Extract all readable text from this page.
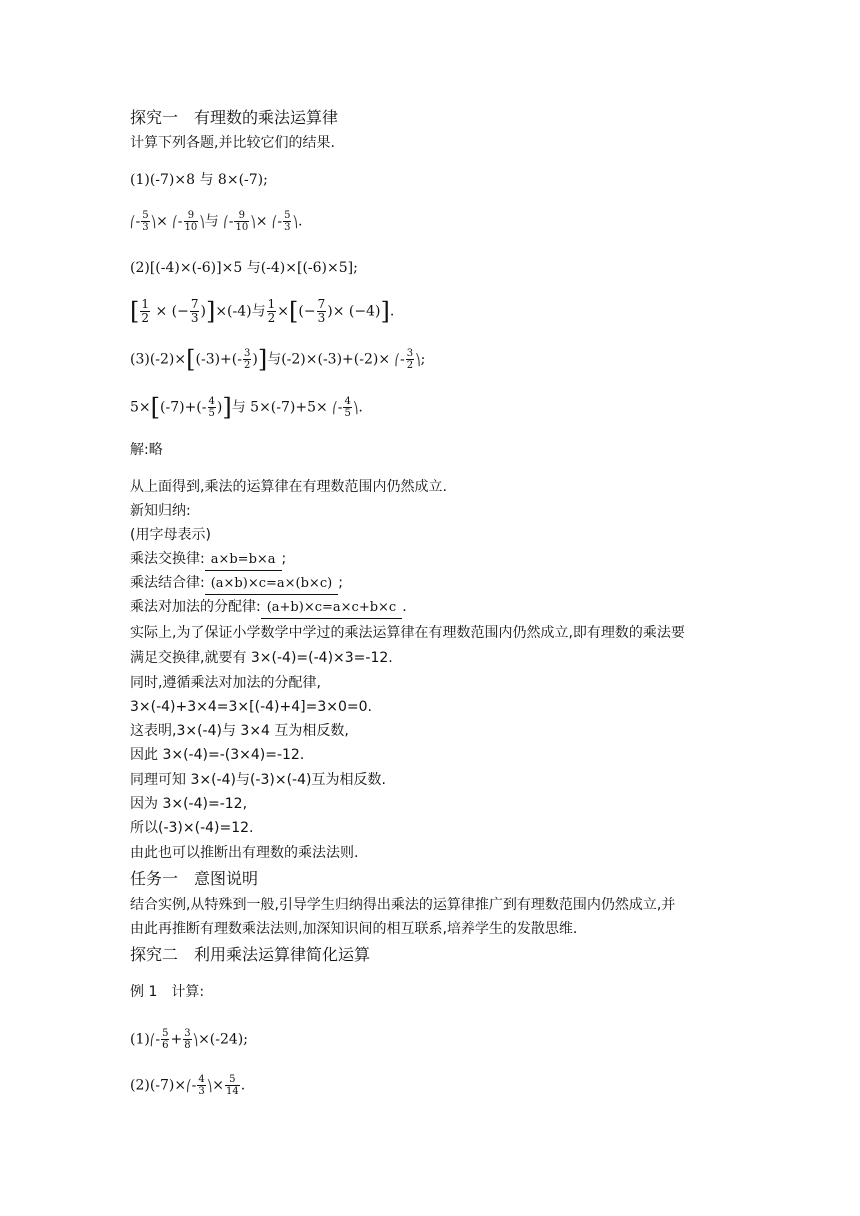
探究一　有理数的乘法运算律
计算下列各题,并比较它们的结果.
(1)(-7)×8 与 8×(-7);
⎛- $\frac{5}{3}$ ⎞× ⎛- $\frac{9}{10}$ ⎞与 ⎛- $\frac{9}{10}$ ⎞× ⎛- $\frac{5}{3}$ ⎞.
(2)[(-4)×(-6)]×5 与(-4)×[(-6)×5];
[ $\frac{1}{2}$ × (− $\frac{7}{3} )]\times(-4)$与 $\frac{1}{2}$ ×[(− $\frac{7}{3}$ )× (−4)].
$(3)(-2)\times[(-3)+(- \frac{3}{2}$ )]与(-2)×(-3)+(-2)× ⎛- $\frac{3}{2}$ ⎞;
$5\times[(-7)+(- \frac{4}{5}$ )]与 5×(-7)+5× ⎛- $\frac{4}{5}$ ⎞.
解:略
从上面得到,乘法的运算律在有理数范围内仍然成立.
新知归纳:
(用字母表示)
乘法交换律: a×b=b×a ;
乘法结合律: (a×b)×c=a×(b×c) ;
乘法对加法的分配律: (a+b)×c=a×c+b×c .
实际上,为了保证小学数学中学过的乘法运算律在有理数范围内仍然成立,即有理数的乘法要
满足交换律,就要有 3×(-4)=(-4)×3=-12.
同时,遵循乘法对加法的分配律,
3×(-4)+3×4=3×[(-4)+4]=3×0=0.
这表明,3×(-4)与 3×4 互为相反数,
因此 3×(-4)=-(3×4)=-12.
同理可知 3×(-4)与(-3)×(-4)互为相反数.
因为 3×(-4)=-12,
所以(-3)×(-4)=12.
由此也可以推断出有理数的乘法法则.
任务一　意图说明
结合实例,从特殊到一般,引导学生归纳得出乘法的运算律推广到有理数范围内仍然成立,并
由此再推断有理数乘法法则,加深知识间的相互联系,培养学生的发散思维.
探究二　利用乘法运算律简化运算
例 1　计算:
(1)⎛- $\frac{5}{6} + \frac{3}{8}$ ⎞×(-24);
(2)(-7)×⎛- $\frac{4}{3}$ ⎞× $\frac{5}{14}$ .
